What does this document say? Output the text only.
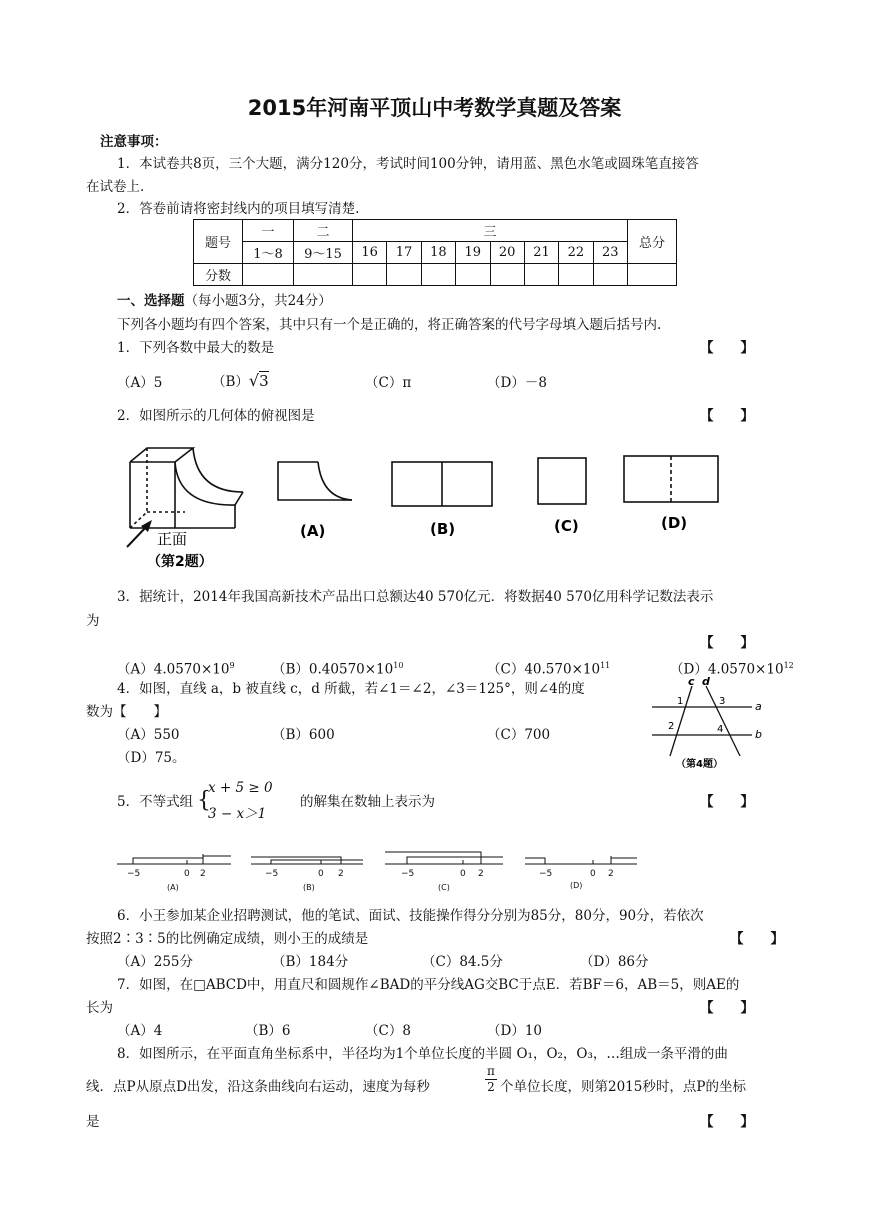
2015年河南平顶山中考数学真题及答案
注意事项：
1．本试卷共8页，三个大题，满分120分，考试时间100分钟，请用蓝、黑色水笔或圆珠笔直接答
在试卷上.
2．答卷前请将密封线内的项目填写清楚.
题号	一	二	三								总分
	1～8	9～15	16	17	18	19	20	21	22	23	
分数											
一、选择题（每小题3分，共24分）
下列各小题均有四个答案，其中只有一个是正确的，将正确答案的代号字母填入题后括号内.
1．下列各数中最大的数是	【　　】
（A）5	（B）√3	（C）π	（D）－8
2．如图所示的几何体的俯视图是	【　　】
正面
（第2题）
(A)	(B)	(C)	(D)
3．据统计，2014年我国高新技术产品出口总额达40 570亿元．将数据40 570亿用科学记数法表示
为
【　　】
$(A)4.0570\times 10^9$	$(B)0.40570\times 10^{10}$	$(C)40.570\times 10^{11}$	$(D)4.0570\times 10^{12}$
4．如图，直线 a，b 被直线 c，d 所截，若∠1＝∠2，∠3＝125°，则∠4的度
数为【　　】
（A）550	（B）600	（C）700
（D）75。
c d
a
b
1	3
2	4
（第4题）
5．不等式组 {
x + 5 ≥ 0
3 − x＞1
的解集在数轴上表示为	【　　】
−5	0 2	−5	0 2	−5	0 2	−5	0 2
(A)	(B)	(C)	(D)
6．小王参加某企业招聘测试，他的笔试、面试、技能操作得分分别为85分，80分，90分，若依次
按照2∶3∶5的比例确定成绩，则小王的成绩是	【　　】
（A）255分	（B）184分	（C）84.5分	（D）86分
7．如图，在□ABCD中，用直尺和圆规作∠BAD的平分线AG交BC于点E．若BF＝6，AB＝5，则AE的
长为	【　　】
（A）4	（B）6	（C）8	（D）10
8．如图所示，在平面直角坐标系中，半径均为1个单位长度的半圆 O₁，O₂，O₃，…组成一条平滑的曲
线．点P从原点D出发，沿这条曲线向右运动，速度为每秒	$\frac{\pi}{2}$ 个单位长度，则第2015秒时，点P的坐标
是	【　　】
